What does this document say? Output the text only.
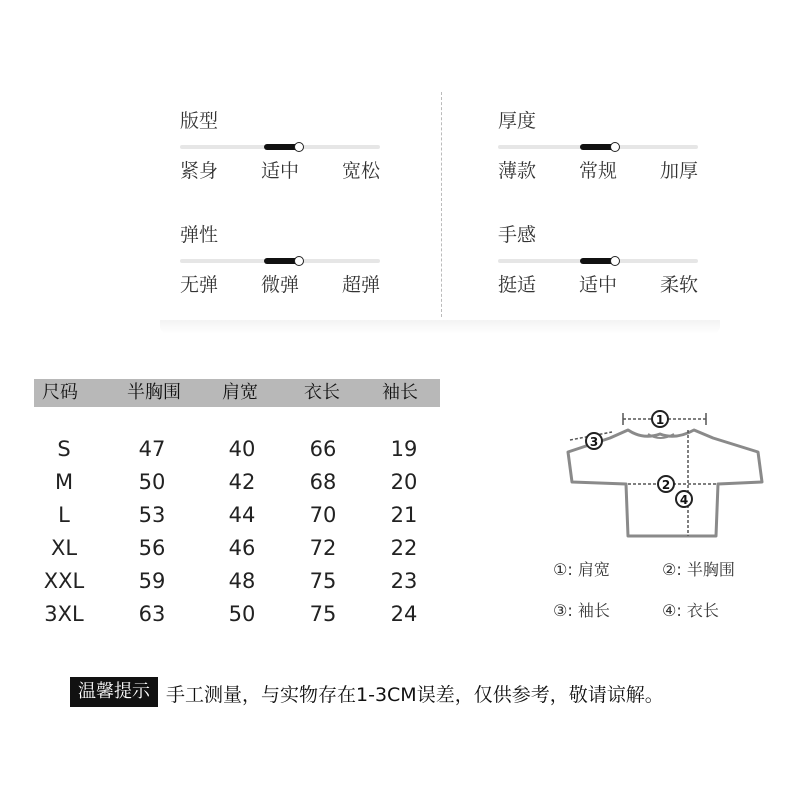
版型
紧身 适中 宽松
厚度
薄款 常规 加厚
弹性
无弹 微弹 超弹
手感
挺适 适中 柔软
尺码	半胸围	肩宽	衣长	袖长
S	47	40	66	19
M	50	42	68	20
L	53	44	70	21
XL	56	46	72	22
XXL	59	48	75	23
3XL	63	50	75	24
1
2
3
4
①: 肩宽	②: 半胸围
③: 袖长	④: 衣长
温馨提示 手工测量，与实物存在1-3CM误差，仅供参考，敬请谅解。
